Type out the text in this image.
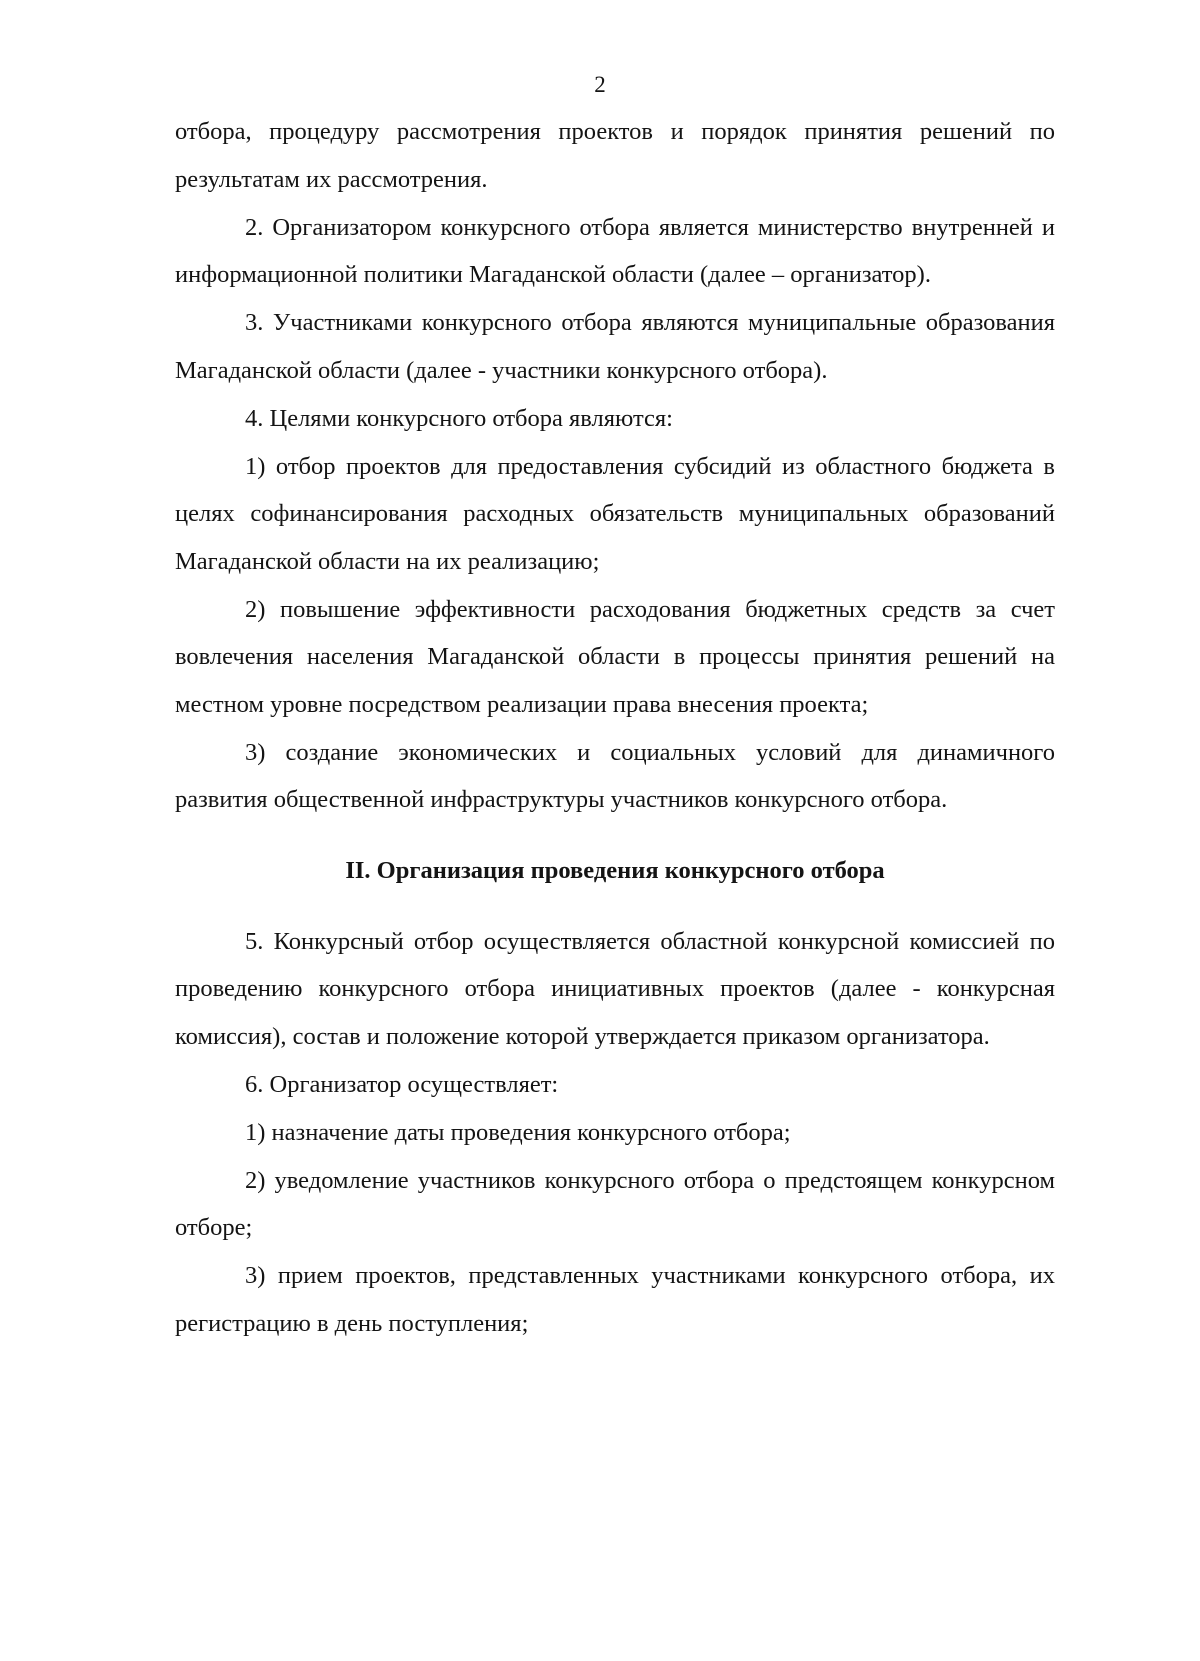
2

отбора, процедуру рассмотрения проектов и порядок принятия решений по результатам их рассмотрения.

2. Организатором конкурсного отбора является министерство внутренней и информационной политики Магаданской области (далее – организатор).

3. Участниками конкурсного отбора являются муниципальные образования Магаданской области (далее - участники конкурсного отбора).

4. Целями конкурсного отбора являются:

1) отбор проектов для предоставления субсидий из областного бюджета в целях софинансирования расходных обязательств муниципальных образований Магаданской области на их реализацию;

2) повышение эффективности расходования бюджетных средств за счет вовлечения населения Магаданской области в процессы принятия решений на местном уровне посредством реализации права внесения проекта;

3) создание экономических и социальных условий для динамичного развития общественной инфраструктуры участников конкурсного отбора.

II. Организация проведения конкурсного отбора

5. Конкурсный отбор осуществляется областной конкурсной комиссией по проведению конкурсного отбора инициативных проектов (далее - конкурсная комиссия), состав и положение которой утверждается приказом организатора.

6. Организатор осуществляет:

1) назначение даты проведения конкурсного отбора;

2) уведомление участников конкурсного отбора о предстоящем конкурсном отборе;

3) прием проектов, представленных участниками конкурсного отбора, их регистрацию в день поступления;
